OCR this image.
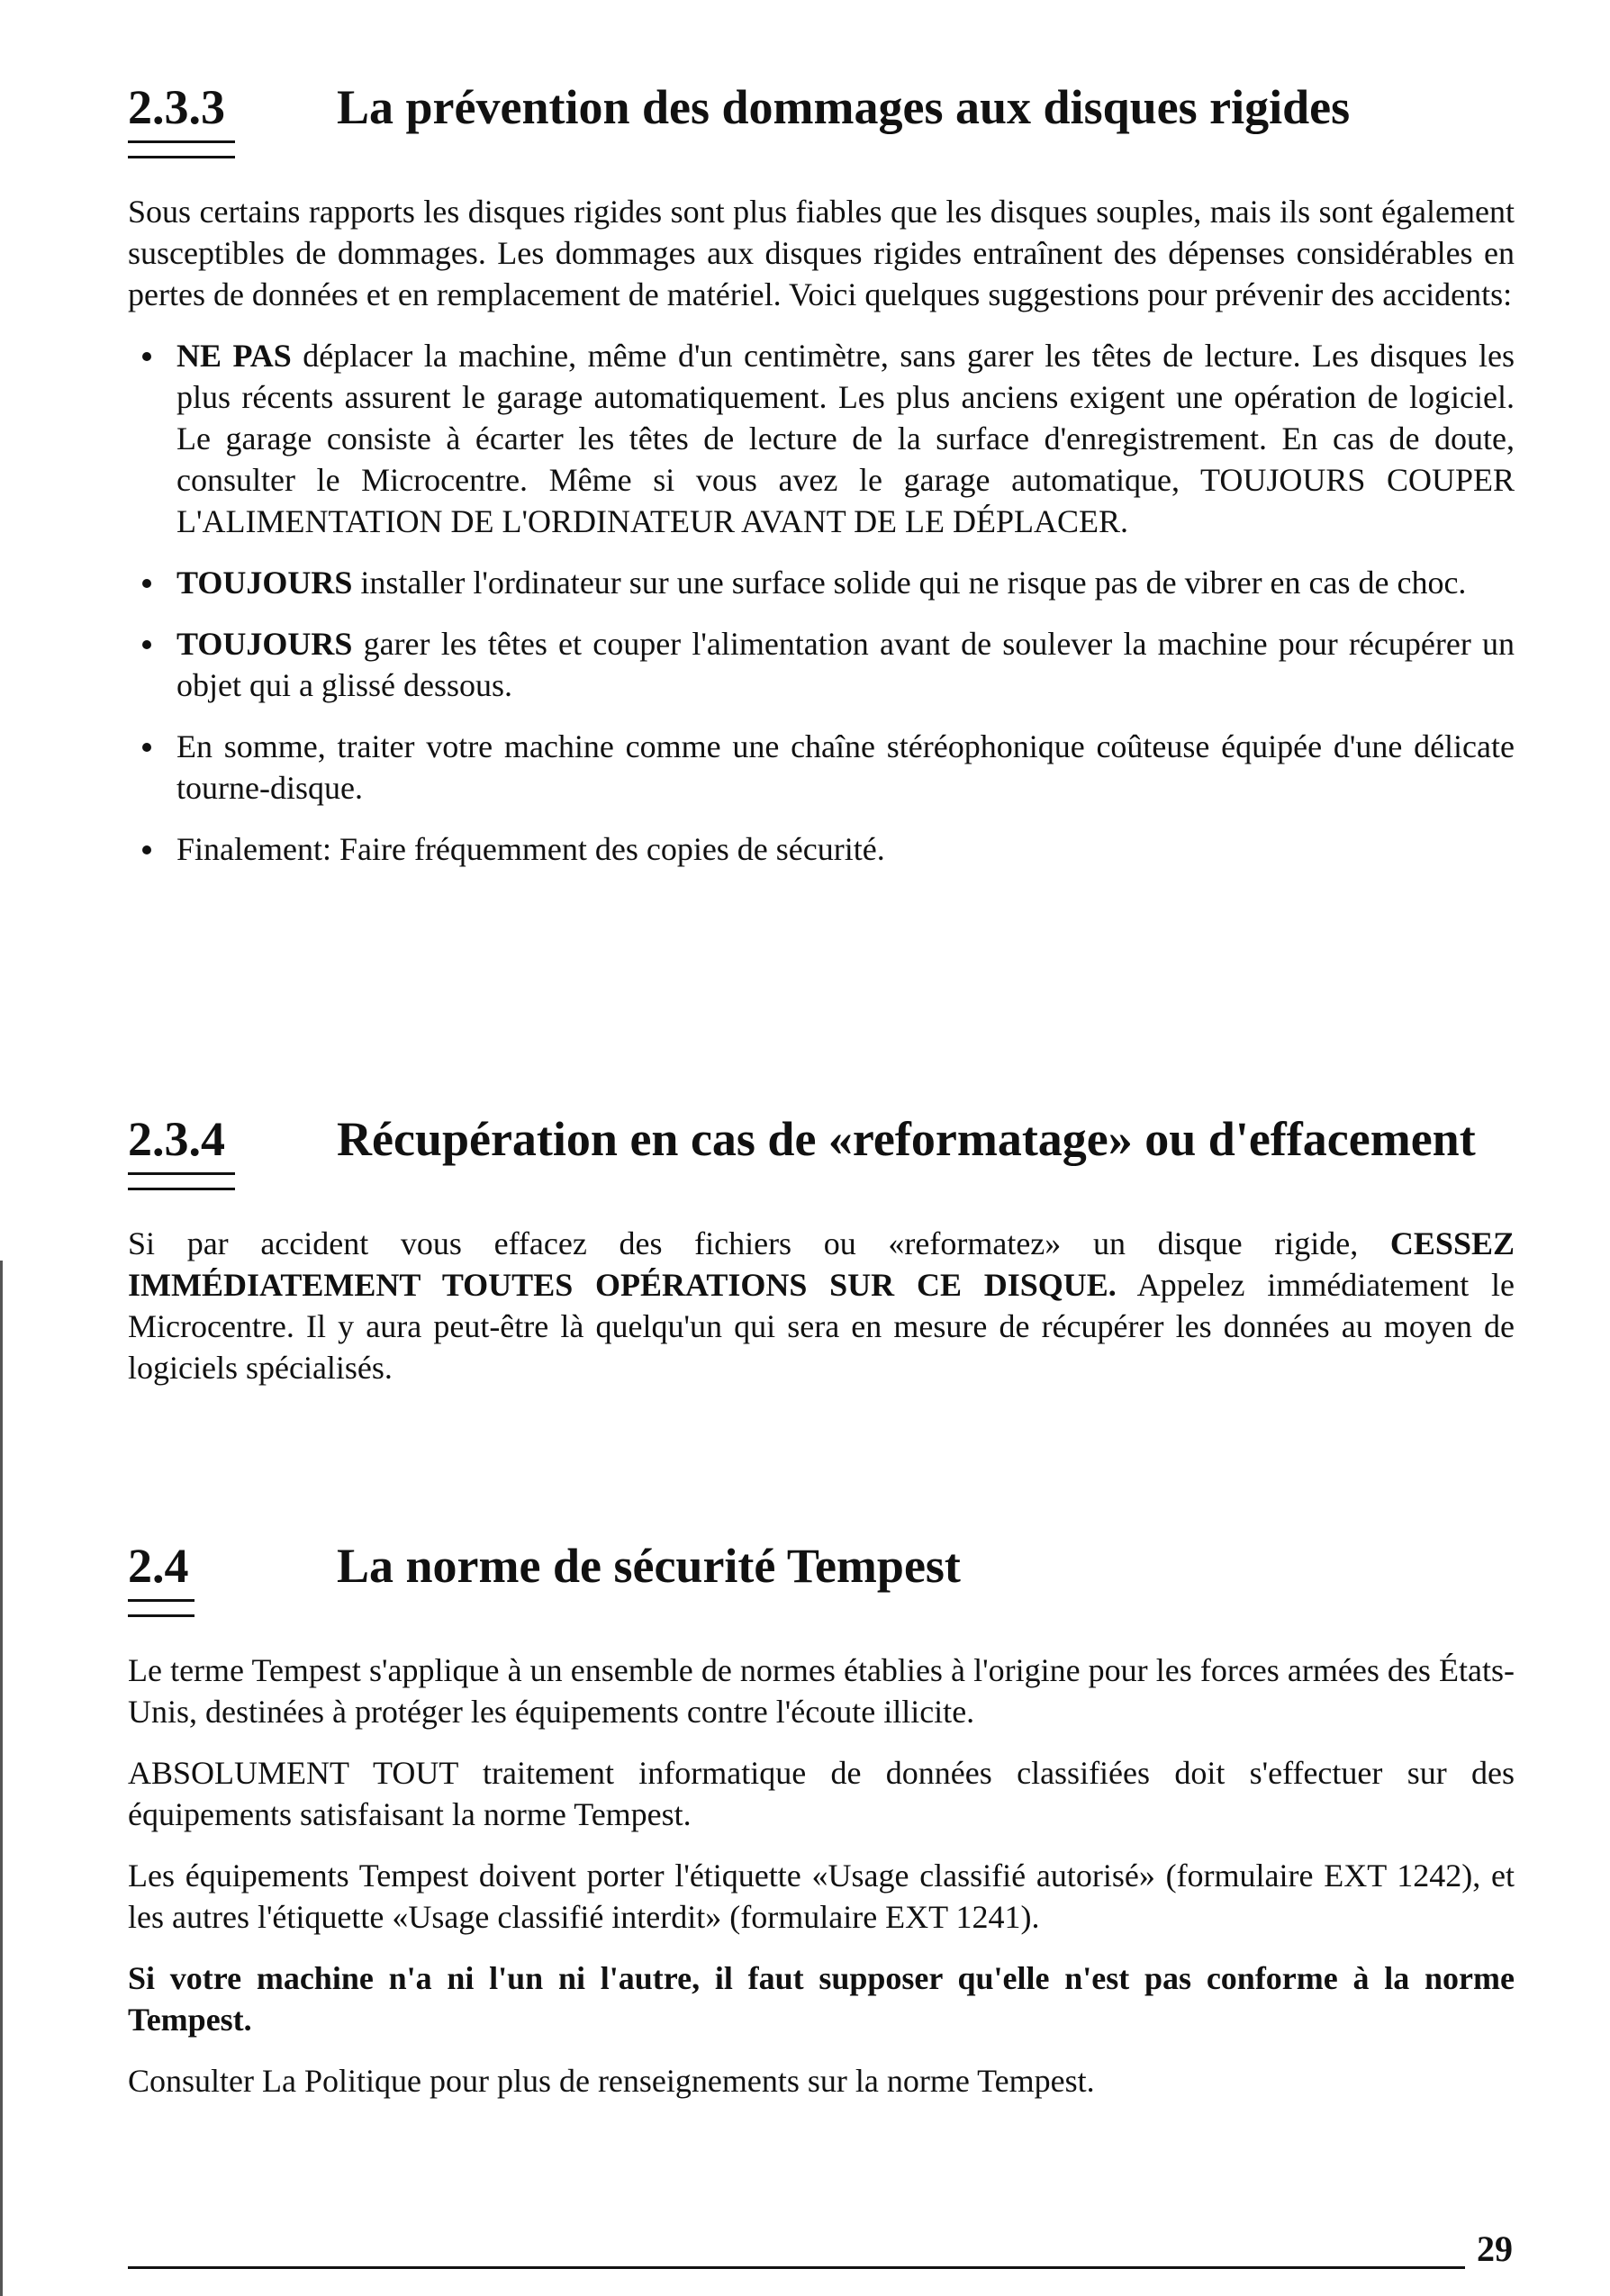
2.3.3 La prévention des dommages aux disques rigides

Sous certains rapports les disques rigides sont plus fiables que les disques souples, mais ils sont également susceptibles de dommages. Les dommages aux disques rigides entraînent des dépenses considérables en pertes de données et en remplacement de matériel. Voici quelques suggestions pour prévenir des accidents:

NE PAS déplacer la machine, même d'un centimètre, sans garer les têtes de lecture. Les disques les plus récents assurent le garage automatiquement. Les plus anciens exigent une opération de logiciel. Le garage consiste à écarter les têtes de lecture de la surface d'enregistrement. En cas de doute, consulter le Microcentre. Même si vous avez le garage automatique, TOUJOURS COUPER L'ALIMENTATION DE L'ORDINATEUR AVANT DE LE DÉPLACER.
TOUJOURS installer l'ordinateur sur une surface solide qui ne risque pas de vibrer en cas de choc.
TOUJOURS garer les têtes et couper l'alimentation avant de soulever la machine pour récupérer un objet qui a glissé dessous.
En somme, traiter votre machine comme une chaîne stéréophonique coûteuse équipée d'une délicate tourne-disque.
Finalement: Faire fréquemment des copies de sécurité.
2.3.4 Récupération en cas de «reformatage» ou d'effacement

Si par accident vous effacez des fichiers ou «reformatez» un disque rigide, CESSEZ IMMÉDIATEMENT TOUTES OPÉRATIONS SUR CE DISQUE. Appelez immédiatement le Microcentre. Il y aura peut-être là quelqu'un qui sera en mesure de récupérer les données au moyen de logiciels spécialisés.

2.4	La norme de sécurité Tempest

Le terme Tempest s'applique à un ensemble de normes établies à l'origine pour les forces armées des États-Unis, destinées à protéger les équipements contre l'écoute illicite.

ABSOLUMENT TOUT traitement informatique de données classifiées doit s'effectuer sur des équipements satisfaisant la norme Tempest.

Les équipements Tempest doivent porter l'étiquette «Usage classifié autorisé» (formulaire EXT 1242), et les autres l'étiquette «Usage classifié interdit» (formulaire EXT 1241).

Si votre machine n'a ni l'un ni l'autre, il faut supposer qu'elle n'est pas conforme à la norme Tempest.

Consulter La Politique pour plus de renseignements sur la norme Tempest.

29
